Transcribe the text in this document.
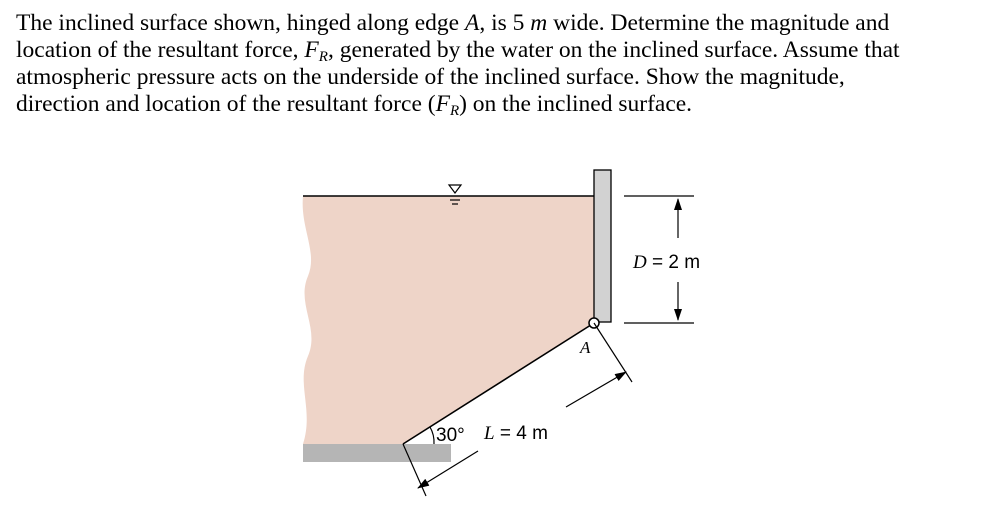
The inclined surface shown, hinged along edge A, is 5 m wide. Determine the magnitude and
location of the resultant force, $F_R$, generated by the water on the inclined surface. Assume that
atmospheric pressure acts on the underside of the inclined surface. Show the magnitude,
direction and location of the resultant force $(F_R)$ on the inclined surface.
A
D = 2 m
L = 4 m
30°
